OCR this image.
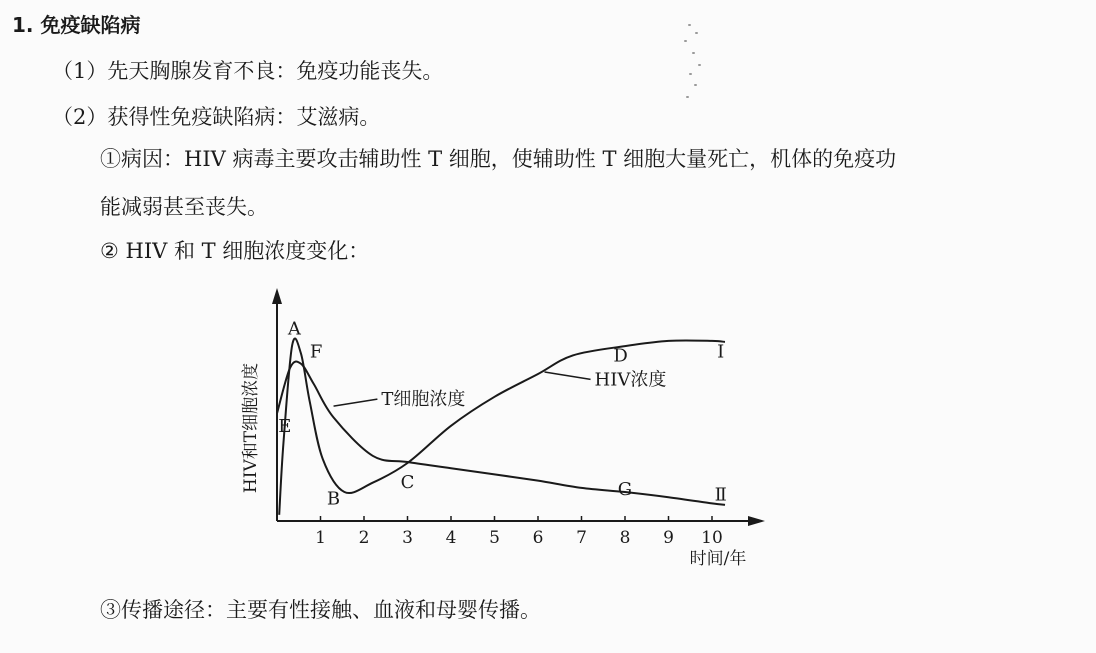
1. 免疫缺陷病
（1）先天胸腺发育不良：免疫功能丧失。
（2）获得性免疫缺陷病：艾滋病。
①病因：HIV 病毒主要攻击辅助性 T 细胞，使辅助性 T 细胞大量死亡，机体的免疫功
能减弱甚至丧失。
② HIV 和 T 细胞浓度变化：
③传播途径：主要有性接触、血液和母婴传播。
1 2 3 4 5 6 7 8 9 10
A
F
E
B
C
D	I
G	Ⅱ
T细胞浓度
HIV浓度
HIV和T细胞浓度
时间/年
